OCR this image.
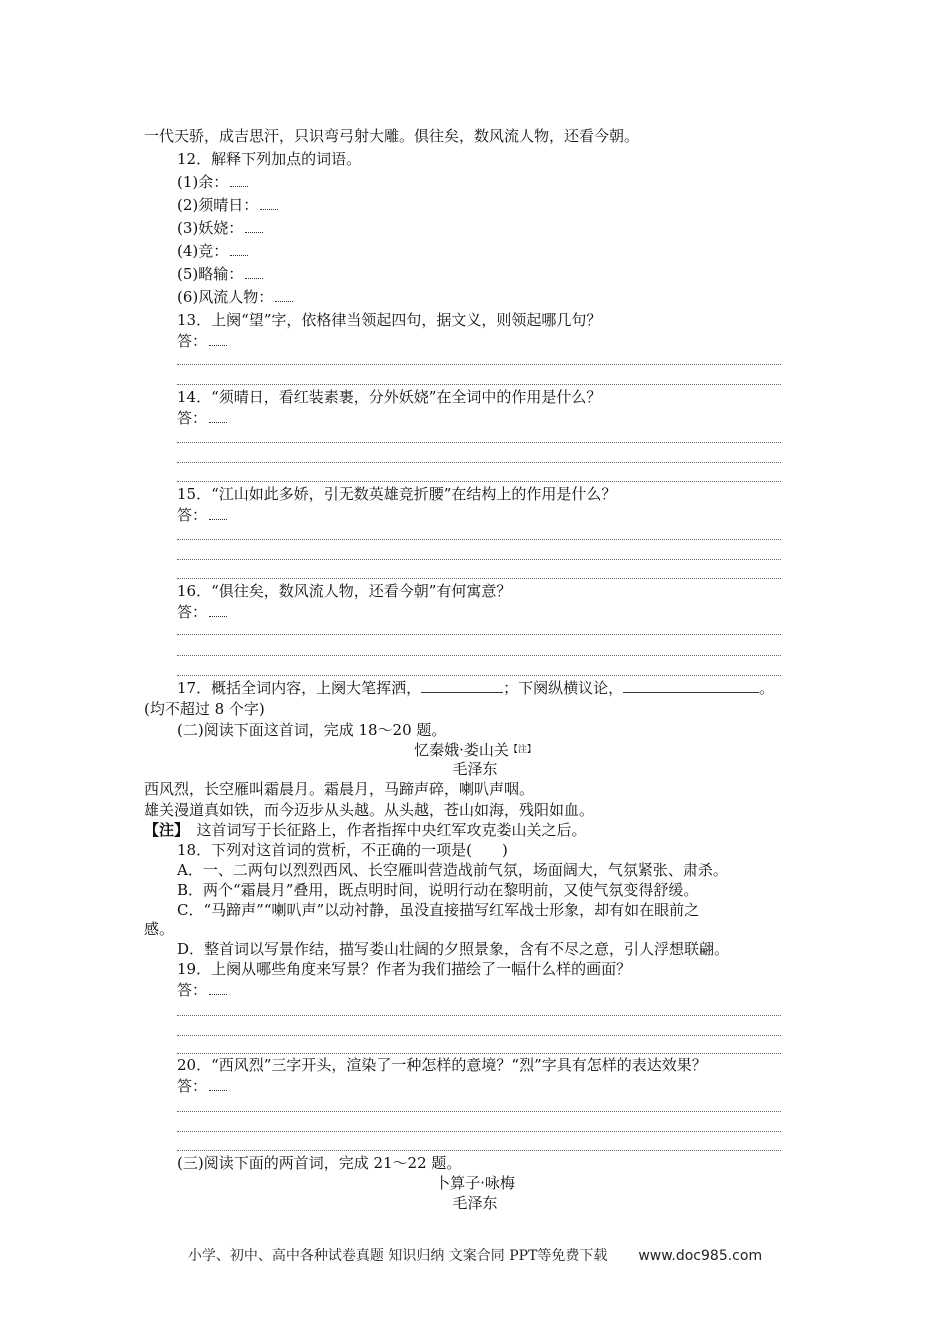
一代天骄，成吉思汗，只识弯弓射大雕。俱往矣，数风流人物，还看今朝。
12．解释下列加点的词语。
(1)余：
(2)须晴日：
(3)妖娆：
(4)竞：
(5)略输：
(6)风流人物：
13．上阕“望”字，依格律当领起四句，据文义，则领起哪几句？
答：
14．“须晴日，看红装素裹，分外妖娆”在全词中的作用是什么？
答：
15．“江山如此多娇，引无数英雄竞折腰”在结构上的作用是什么？
答：
16．“俱往矣，数风流人物，还看今朝”有何寓意？
答：
17．概括全词内容，上阕大笔挥洒，	；下阕纵横议论，	。
(均不超过 8 个字)
(二)阅读下面这首词，完成 18～20 题。
忆秦娥·娄山关$^{【注】}$
毛泽东
西风烈，长空雁叫霜晨月。霜晨月，马蹄声碎，喇叭声咽。
雄关漫道真如铁，而今迈步从头越。从头越，苍山如海，残阳如血。
【注】　 这首词写于长征路上，作者指挥中央红军攻克娄山关之后。
18．下列对这首词的赏析，不正确的一项是(　　)
A．一、二两句以烈烈西风、长空雁叫营造战前气氛，场面阔大，气氛紧张、肃杀。
B．两个“霜晨月”叠用，既点明时间，说明行动在黎明前，又使气氛变得舒缓。
C．“马蹄声”“喇叭声”以动衬静，虽没直接描写红军战士形象，却有如在眼前之
感。
D．整首词以写景作结，描写娄山壮阔的夕照景象，含有不尽之意，引人浮想联翩。
19．上阕从哪些角度来写景？作者为我们描绘了一幅什么样的画面？
答：
20．“西风烈”三字开头，渲染了一种怎样的意境？“烈”字具有怎样的表达效果？
答：
(三)阅读下面的两首词，完成 21～22 题。
卜算子·咏梅
毛泽东
小学、初中、高中各种试卷真题 知识归纳 文案合同 PPT等免费下载 www.doc985.com
